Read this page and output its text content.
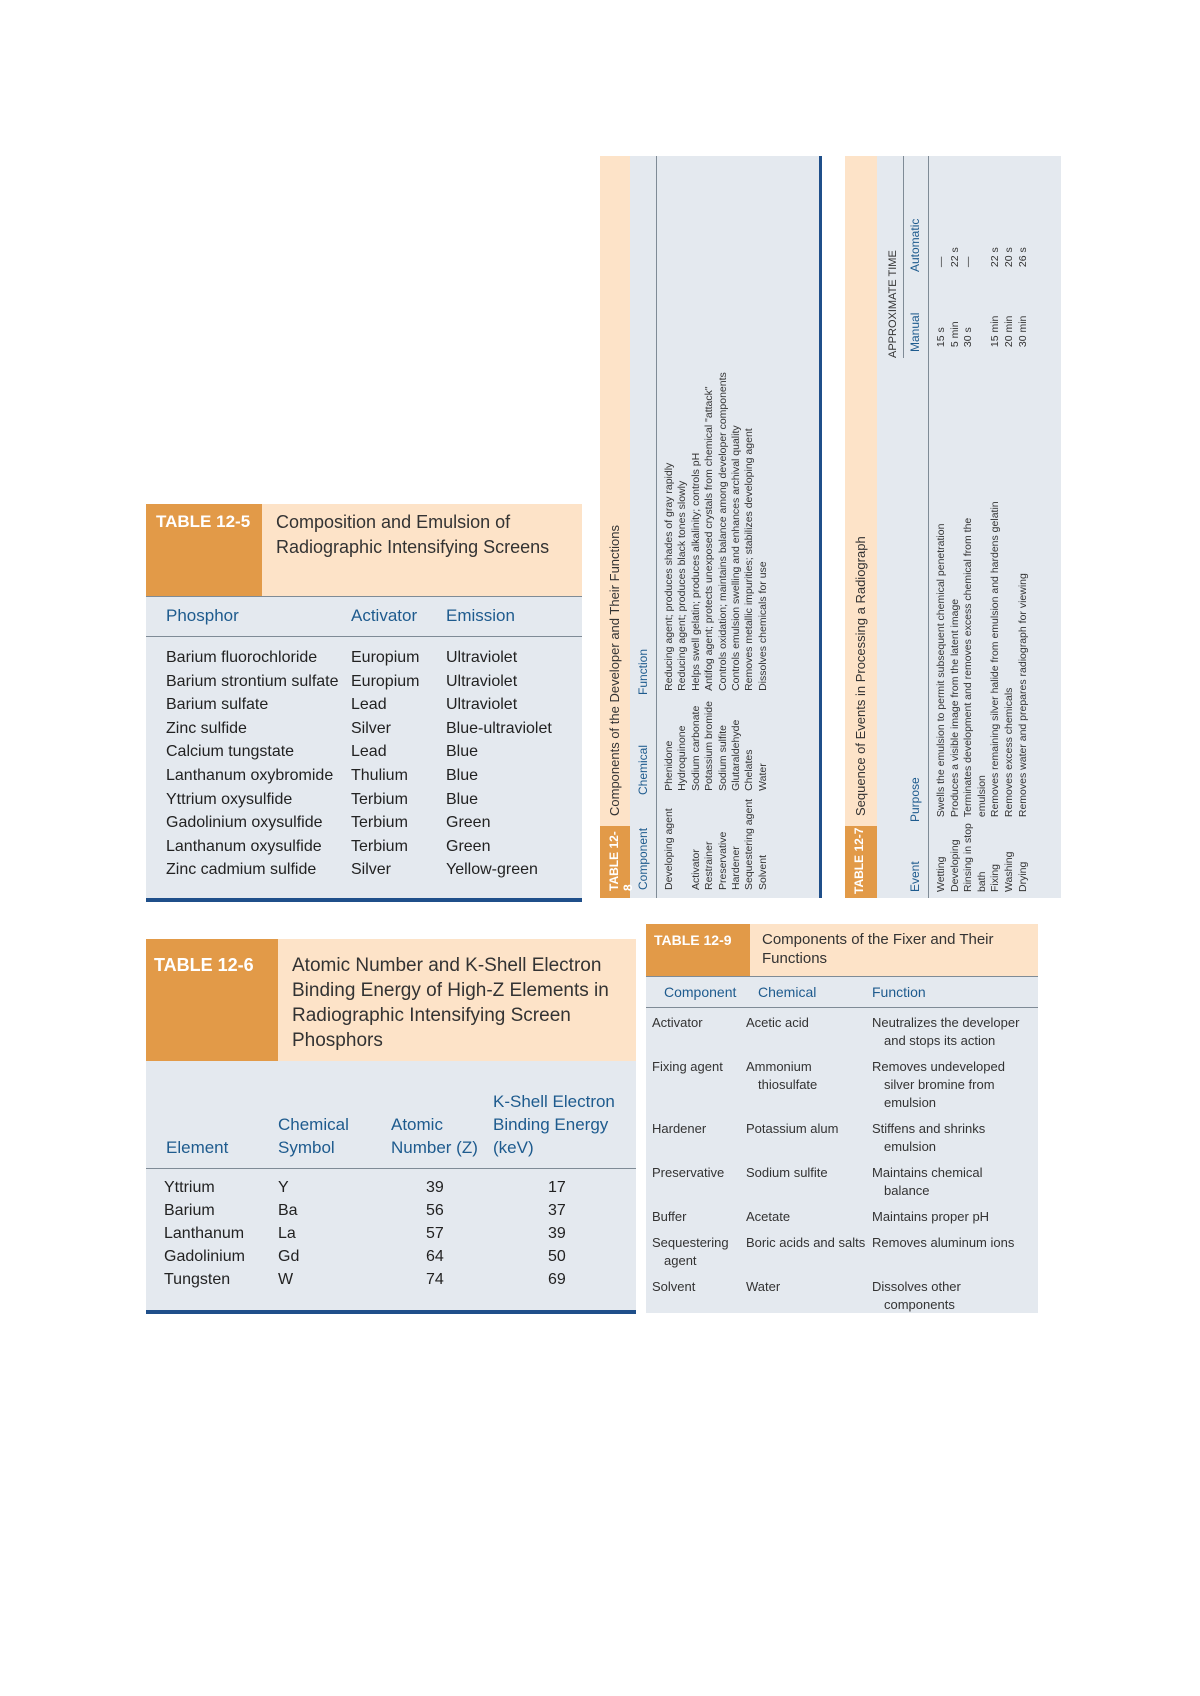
TABLE 12-5	Composition and Emulsion of Radiographic Intensifying Screens
Phosphor	Activator	Emission
Barium fluorochloride	Europium	Ultraviolet
Barium strontium sulfate	Europium	Ultraviolet
Barium sulfate	Lead	Ultraviolet
Zinc sulfide	Silver	Blue-ultraviolet
Calcium tungstate	Lead	Blue
Lanthanum oxybromide	Thulium	Blue
Yttrium oxysulfide	Terbium	Blue
Gadolinium oxysulfide	Terbium	Green
Lanthanum oxysulfide	Terbium	Green
Zinc cadmium sulfide	Silver	Yellow-green
TABLE 12-6	Atomic Number and K-Shell Electron Binding Energy of High-Z Elements in Radiographic Intensifying Screen Phosphors
Element	Chemical Symbol	Atomic Number (Z)	K-Shell Electron Binding Energy (keV)
Yttrium	Y	39	17
Barium	Ba	56	37
Lanthanum	La	57	39
Gadolinium	Gd	64	50
Tungsten	W	74	69
TABLE 12-8
Components of the Developer and Their Functions
Component	Chemical	Function
Developing agent	Phenidone	Reducing agent; produces shades of gray rapidly
	Hydroquinone	Reducing agent; produces black tones slowly
Activator	Sodium carbonate	Helps swell gelatin; produces alkalinity; controls pH
Restrainer	Potassium bromide	Antifog agent; protects unexposed crystals from chemical "attack"
Preservative	Sodium sulfite	Controls oxidation; maintains balance among developer components
Hardener	Glutaraldehyde	Controls emulsion swelling and enhances archival quality
Sequestering agent	Chelates	Removes metallic impurities; stabilizes developing agent
Solvent	Water	Dissolves chemicals for use
TABLE 12-7
Sequence of Events in Processing a Radiograph
		APPROXIMATE TIME	
Event	Purpose	Manual	Automatic
Wetting	Swells the emulsion to permit subsequent chemical penetration	15 s	—
Developing	Produces a visible image from the latent image	5 min	22 s
Rinsing in stop	Terminates development and removes excess chemical from the	30 s	—
bath	emulsion		
Fixing	Removes remaining silver halide from emulsion and hardens gelatin	15 min	22 s
Washing	Removes excess chemicals	20 min	20 s
Drying	Removes water and prepares radiograph for viewing	30 min	26 s
TABLE 12-9	Components of the Fixer and Their Functions
Component	Chemical	Function
Activator	Acetic acid	Neutralizes the developer and stops its action
Fixing agent	Ammonium thiosulfate	Removes undeveloped silver bromine from emulsion
Hardener	Potassium alum	Stiffens and shrinks emulsion
Preservative	Sodium sulfite	Maintains chemical balance
Buffer	Acetate	Maintains proper pH
Sequestering agent	Boric acids and salts	Removes aluminum ions
Solvent	Water	Dissolves other components
